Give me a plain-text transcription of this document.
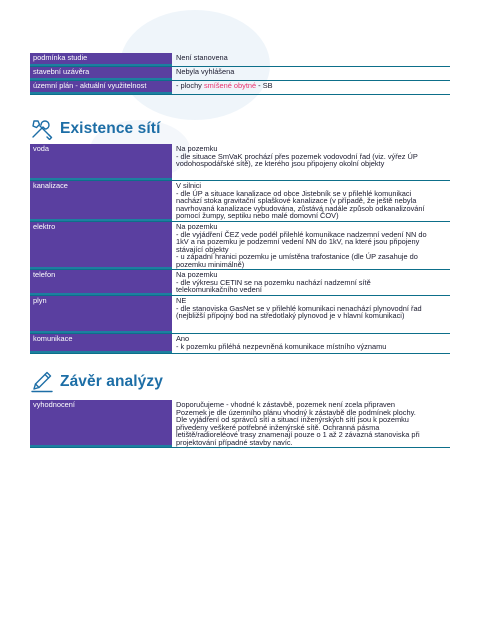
podmínka studie	Není stanovena
stavební uzávěra	Nebyla vyhlášena
územní plán - aktuální využitelnost	- plochy smíšené obytné - SB
Existence sítí
voda	Na pozemku
- dle situace SmVaK prochází přes pozemek vodovodní řad (viz. výřez ÚP
vodohospodářské sítě), ze kterého jsou připojeny okolní objekty
kanalizace	V silnici
- dle ÚP a situace kanalizace od obce Jistebník se v přilehlé komunikaci
nachází stoka gravitační splaškové kanalizace (v případě, že ještě nebyla
navrhovaná kanalizace vybudována, zůstává nadále způsob odkanalizování
pomocí žumpy, septiku nebo malé domovní ČOV)
elektro	Na pozemku
- dle vyjádření ČEZ vede podél přilehlé komunikace nadzemní vedení NN do
1kV a na pozemku je podzemní vedení NN do 1kV, na které jsou připojeny
stávající objekty
- u západní hranici pozemku je umístěna trafostanice (dle ÚP zasahuje do
pozemku minimálně)
telefon	Na pozemku
- dle výkresu CETIN se na pozemku nachází nadzemní sítě
telekomunikačního vedení
plyn	NE
- dle stanoviska GasNet se v přilehlé komunikaci nenachází plynovodní řad
(nejbližší přípojný bod na středotlaký plynovod je v hlavní komunikaci)
komunikace	Ano
- k pozemku přiléhá nezpevněná komunikace místního významu
Závěr analýzy
vyhodnocení	Doporučujeme - vhodné k zástavbě, pozemek není zcela připraven
Pozemek je dle územního plánu vhodný k zástavbě dle podmínek plochy.
Dle vyjádření od správců sítí a situací inženýrských sítí jsou k pozemku
přivedeny veškeré potřebné inženýrské sítě. Ochranná pásma
letiště/radioreléové trasy znamenají pouze o 1 až 2 závazná stanoviska při
projektování případné stavby navíc.
